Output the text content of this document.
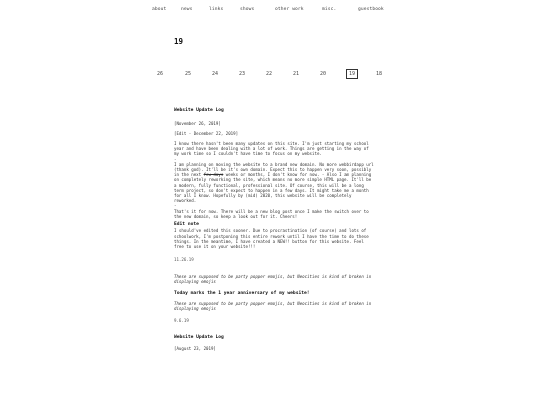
about	news	links	shows	other work	misc.	guestbook
19
26	25	24	23	22	21	20	19	18
Website Update Log
[November 26, 2019]
[Edit - December 22, 2019]
I know there hasn't been many updates on this site. I'm just starting my school year and have been dealing with a lot of work. Things are getting in the way of my work time so I couldn't have time to focus on my website.
-
I am planning on moving the website to a brand new domain. No more webbirdapp url (thank god). It'll be it's own domain. Expect this to happen very soon, possibly in the next few days weeks or months, I don't know for now. - Also I am planning on completely reworking the site, which means no more simple HTML page. It'll be a modern, fully functional, professional site. Of course, this will be a long term project, so don't expect to happen in a few days. It might take me a month for all I know. Hopefully by (mid) 2020, this website will be completely reworked.
-
That's it for now. There will be a new blog post once I make the switch over to the new domain, so keep a look out for it. Cheers!
Edit note
I should've edited this sooner. Due to procrastination (of course) and lots of schoolwork, I'm postponing this entire rework until I have the time to do these things. In the meantime, I have created a NEW!! button for this website. Feel free to use it on your website!!!
11.26.19
These are supposed to be party popper emojis, but Neocities is kind of broken in displaying emojis
Today marks the 1 year anniversary of my website!
These are supposed to be party popper emojis, but Neocities is kind of broken in displaying emojis
9.6.19
Website Update Log
[August 23, 2019]
